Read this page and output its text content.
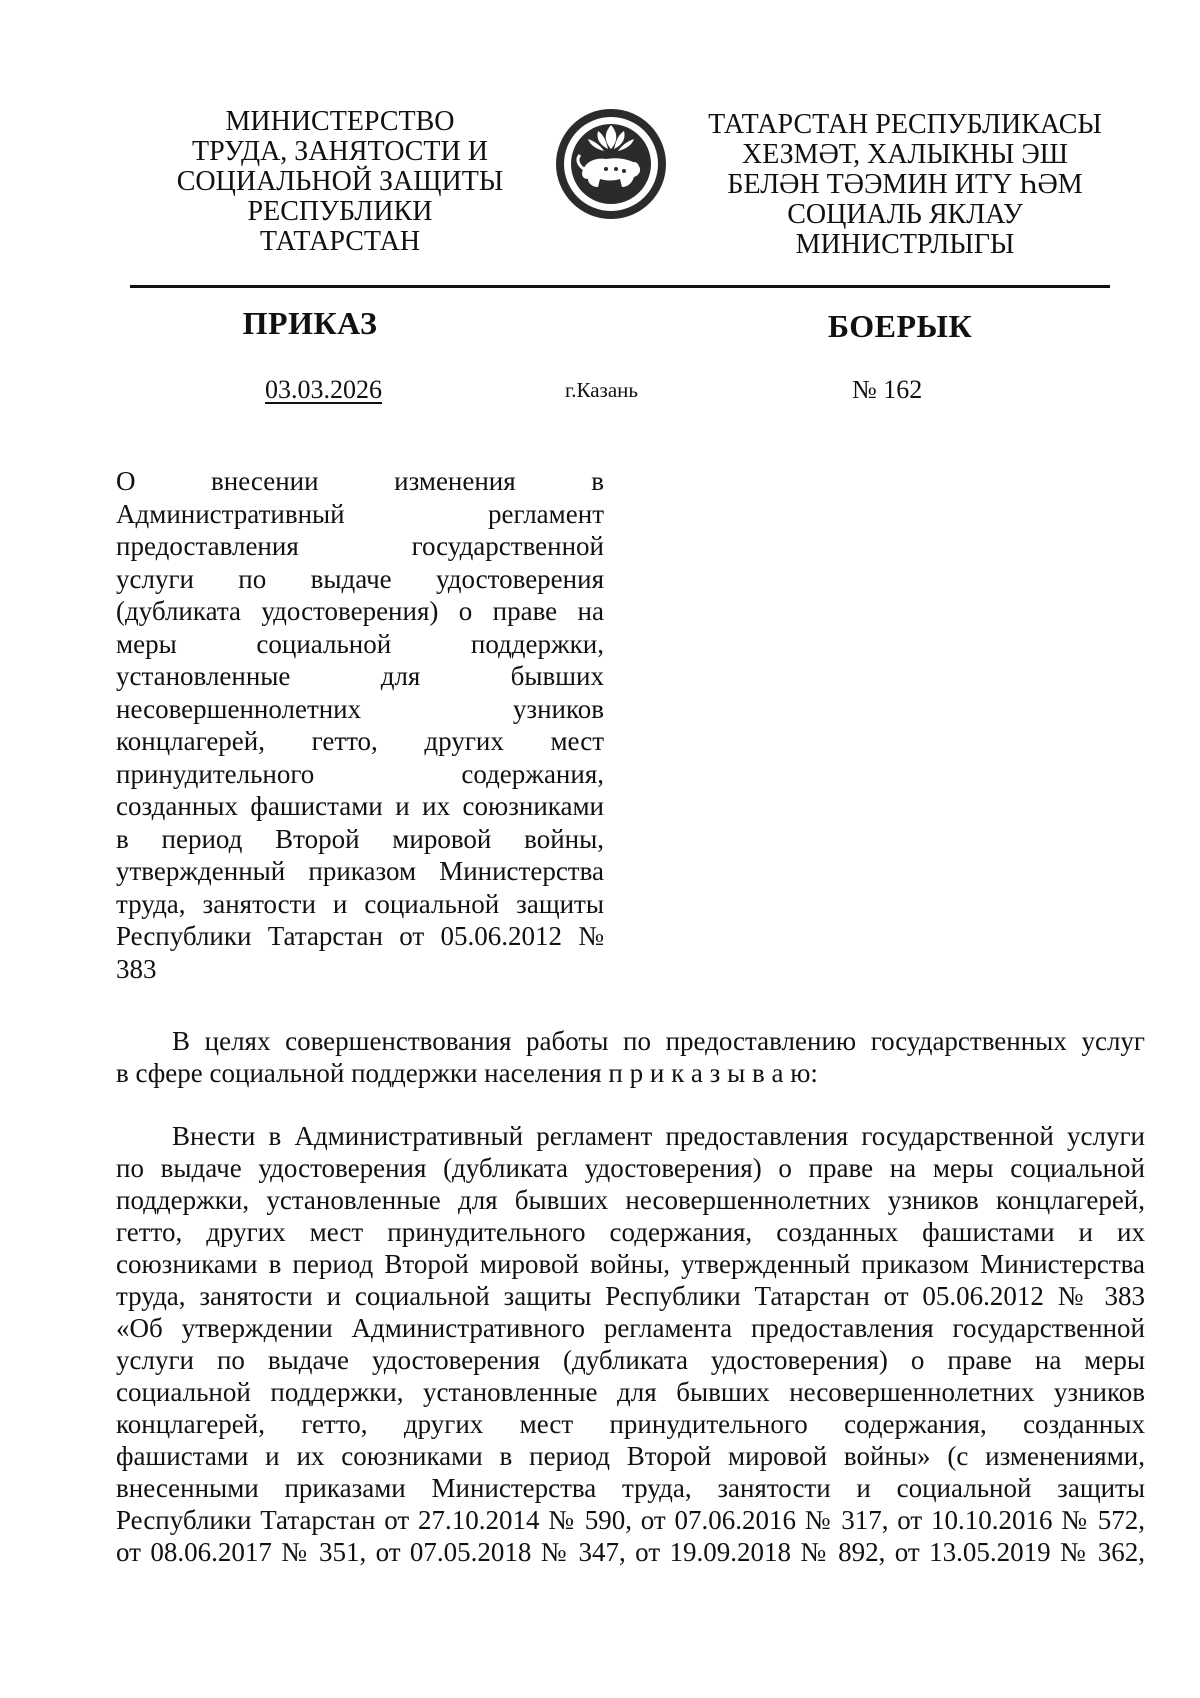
МИНИСТЕРСТВО
ТРУДА, ЗАНЯТОСТИ И
СОЦИАЛЬНОЙ ЗАЩИТЫ
РЕСПУБЛИКИ
ТАТАРСТАН
ТАТАРСТАН
ТАТАРСТАН РЕСПУБЛИКАСЫ
ХЕЗМӘТ, ХАЛЫКНЫ ЭШ
БЕЛӘН ТӘЭМИН ИТҮ ҺӘМ
СОЦИАЛЬ ЯКЛАУ
МИНИСТРЛЫГЫ
ПРИКАЗ	БОЕРЫК
03.03.2026	г.Казань	№ 162
О внесении изменения в
Административный регламент
предоставления государственной
услуги по выдаче удостоверения
(дубликата удостоверения) о праве на
меры социальной поддержки,
установленные для бывших
несовершеннолетних узников
концлагерей, гетто, других мест
принудительного содержания,
созданных фашистами и их союзниками
в период Второй мировой войны,
утвержденный приказом Министерства
труда, занятости и социальной защиты
Республики Татарстан от 05.06.2012 №
383
В целях совершенствования работы по предоставлению государственных услуг
в сфере социальной поддержки населения п р и к а з ы в а ю:
Внести в Административный регламент предоставления государственной услуги
по выдаче удостоверения (дубликата удостоверения) о праве на меры социальной
поддержки, установленные для бывших несовершеннолетних узников концлагерей,
гетто, других мест принудительного содержания, созданных фашистами и их
союзниками в период Второй мировой войны, утвержденный приказом Министерства
труда, занятости и социальной защиты Республики Татарстан от 05.06.2012 № 383
«Об утверждении Административного регламента предоставления государственной
услуги по выдаче удостоверения (дубликата удостоверения) о праве на меры
социальной поддержки, установленные для бывших несовершеннолетних узников
концлагерей, гетто, других мест принудительного содержания, созданных
фашистами и их союзниками в период Второй мировой войны» (с изменениями,
внесенными приказами Министерства труда, занятости и социальной защиты
Республики Татарстан от 27.10.2014 № 590, от 07.06.2016 № 317, от 10.10.2016 № 572,
от 08.06.2017 № 351, от 07.05.2018 № 347, от 19.09.2018 № 892, от 13.05.2019 № 362,
